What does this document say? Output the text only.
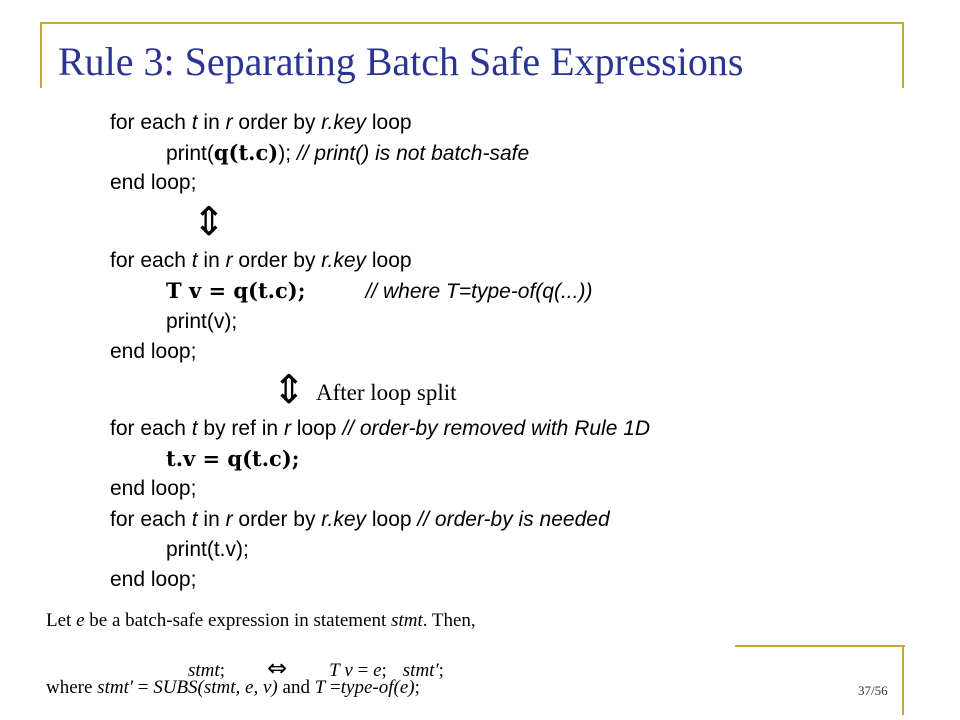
Rule 3: Separating Batch Safe Expressions
for each t in r order by r.key loop
print(q(t.c)); // print() is not batch-safe
end loop;
⇕
for each t in r order by r.key loop
T v = q(t.c);	// where T=type-of(q(...))
print(v);
end loop;
⇕ After loop split
for each t by ref in r loop // order-by removed with Rule 1D
t.v = q(t.c);
end loop;
for each t in r order by r.key loop // order-by is needed
print(t.v);
end loop;
Let e be a batch-safe expression in statement stmt. Then,
stmt; ⇔ T v = e; stmt′;
where stmt′ = SUBS(stmt, e, v) and T =type-of(e);	37/56
